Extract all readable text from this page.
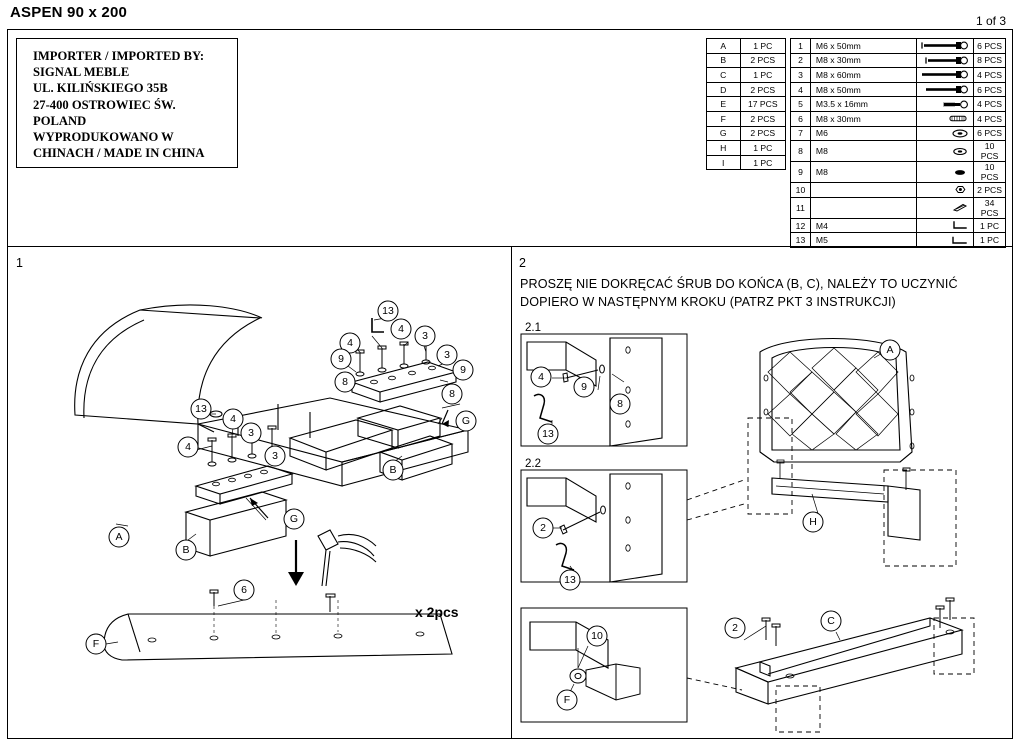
ASPEN 90 x 200	1 of 3
IMPORTER / IMPORTED BY:
SIGNAL MEBLE
UL. KILIŃSKIEGO 35B
27-400 OSTROWIEC ŚW.
POLAND
WYPRODUKOWANO W
CHINACH / MADE IN CHINA
A	1 PC
B	2 PCS
C	1 PC
D	2 PCS
E	17 PCS
F	2 PCS
G	2 PCS
H	1 PC
I	1 PC
1	M6 x 50mm		6 PCS
2	M8 x 30mm		8 PCS
3	M8 x 60mm		4 PCS
4	M8 x 50mm		6 PCS
5	M3.5 x 16mm		4 PCS
6	M8 x 30mm		4 PCS
7	M6		6 PCS
8	M8		10 PCS
9	M8		10 PCS
10			2 PCS
11			34 PCS
12	M4		1 PC
13	M5		1 PC
1	2
PROSZĘ NIE DOKRĘCAĆ ŚRUB DO KOŃCA (B, C), NALEŻY TO UCZYNIĆ DOPIERO W NASTĘPNYM KROKU (PATRZ PKT 3 INSTRUKCJI)
2.1
2.2
x 2pcs
13
4
4
3
9	3
8
9
8
G
13
4
3
4
3
B
G
A
B
6
F
4
8
9
13
A
2
13
H
10
F
2
C
